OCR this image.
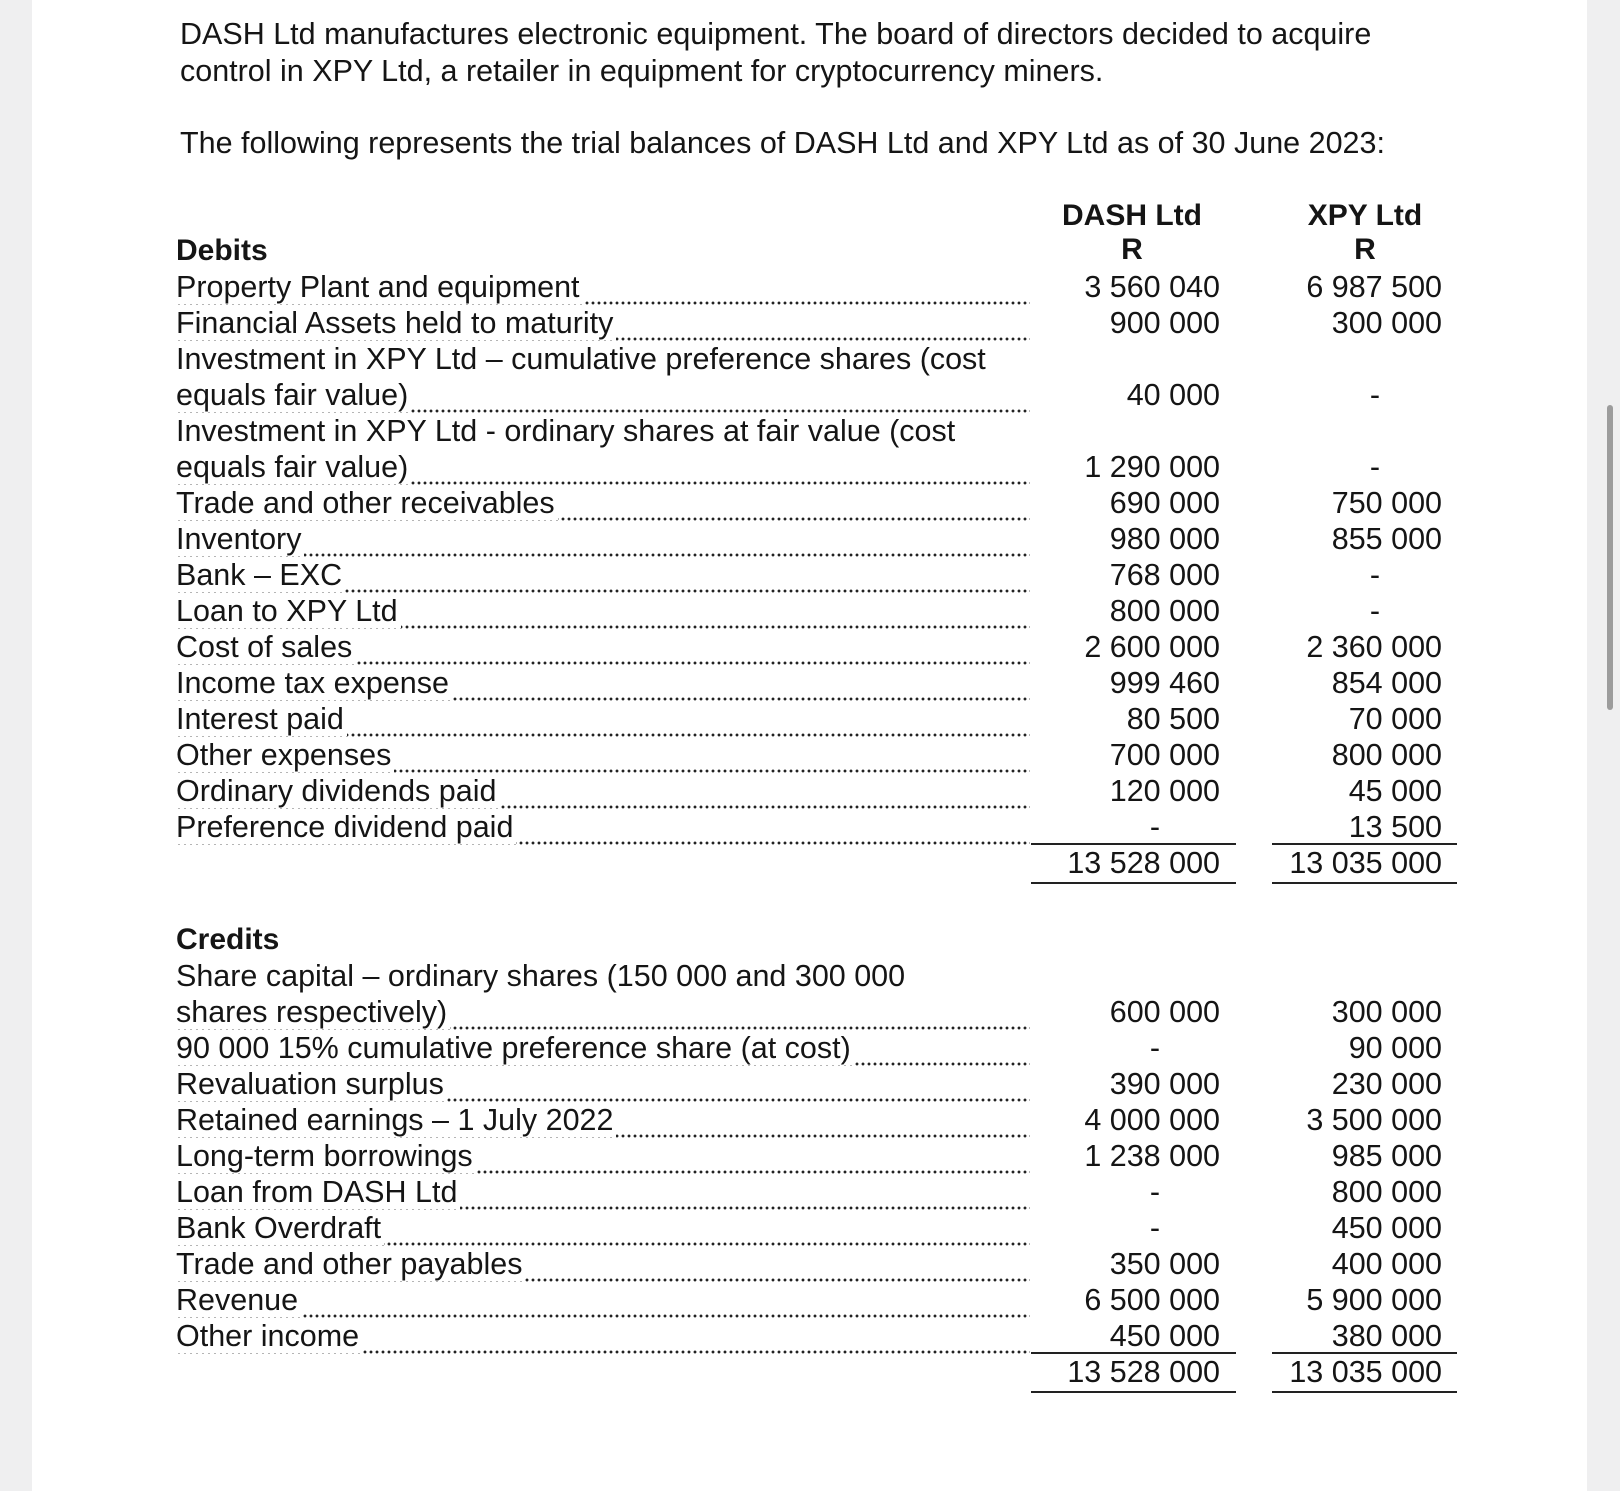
DASH Ltd manufactures electronic equipment. The board of directors decided to acquire control in XPY Ltd, a retailer in equipment for cryptocurrency miners.

The following represents the trial balances of DASH Ltd and XPY Ltd as of 30 June 2023:

DASH Ltd
R
XPY Ltd
R
Debits
Credits
Property Plant and equipment	3 560 040	6 987 500
Financial Assets held to maturity	900 000	300 000
Investment in XPY Ltd – cumulative preference shares (cost
equals fair value)	40 000	-
Investment in XPY Ltd - ordinary shares at fair value (cost
equals fair value)	1 290 000	-
Trade and other receivables	690 000	750 000
Inventory	980 000	855 000
Bank – EXC	768 000	-
Loan to XPY Ltd	800 000	-
Cost of sales	2 600 000	2 360 000
Income tax expense	999 460	854 000
Interest paid	80 500	70 000
Other expenses	700 000	800 000
Ordinary dividends paid	120 000	45 000
Preference dividend paid	-	13 500
13 528 000	13 035 000
Share capital – ordinary shares (150 000 and 300 000
shares respectively)	600 000	300 000
90 000 15% cumulative preference share (at cost)	-	90 000
Revaluation surplus	390 000	230 000
Retained earnings – 1 July 2022	4 000 000	3 500 000
Long-term borrowings	1 238 000	985 000
Loan from DASH Ltd	-	800 000
Bank Overdraft	-	450 000
Trade and other payables	350 000	400 000
Revenue	6 500 000	5 900 000
Other income	450 000	380 000
13 528 000	13 035 000
